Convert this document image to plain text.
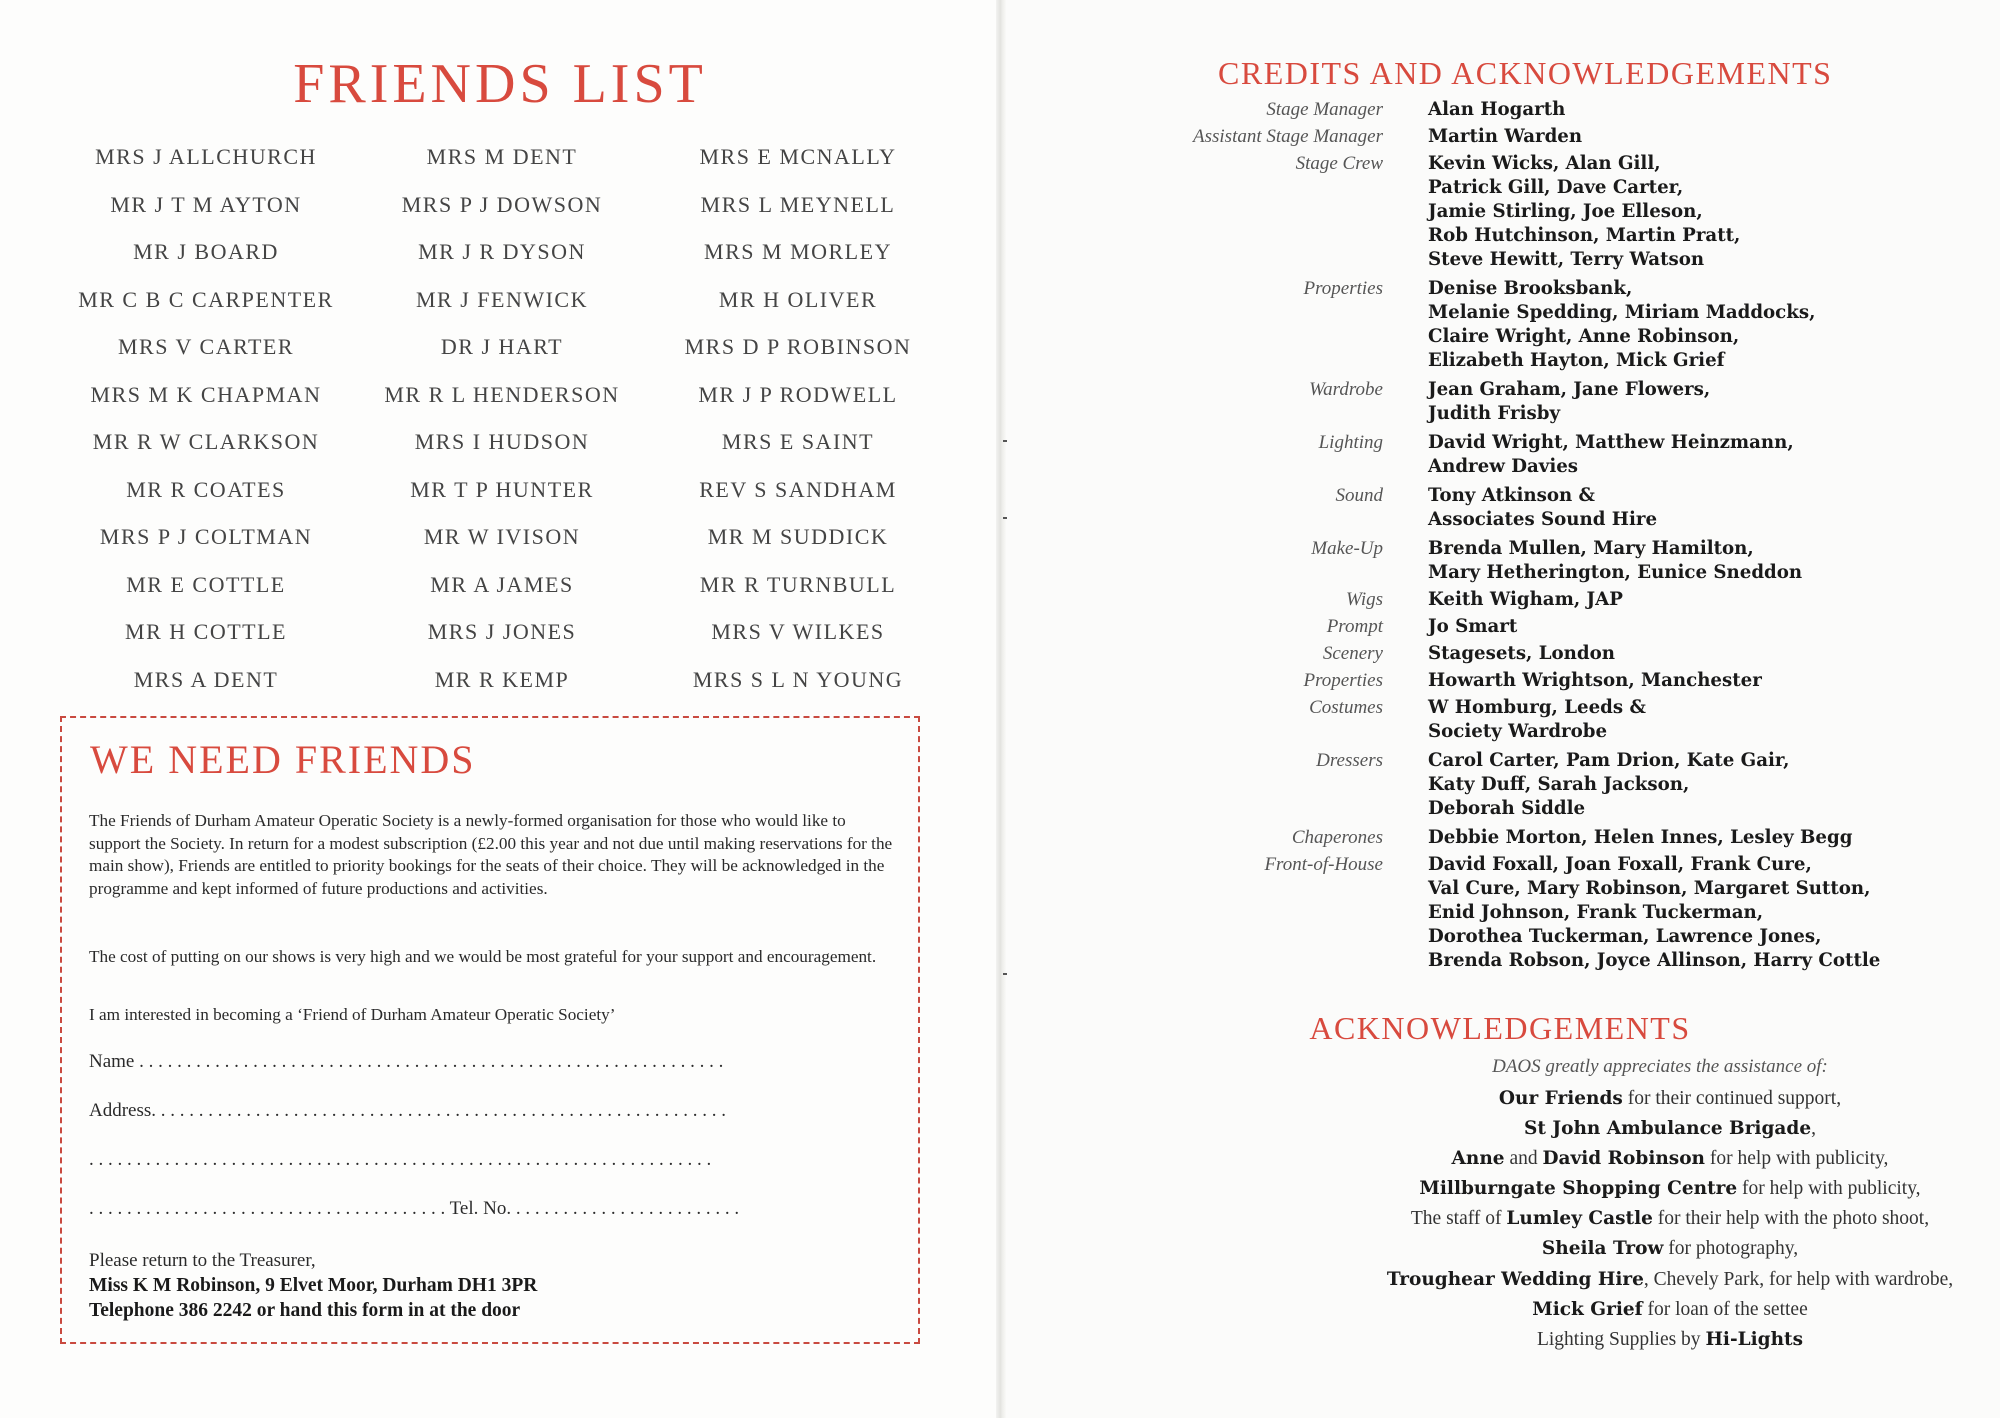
FRIENDS LIST
MRS J ALLCHURCH	MRS M DENT	MRS E MCNALLY
MR J T M AYTON	MRS P J DOWSON	MRS L MEYNELL
MR J BOARD	MR J R DYSON	MRS M MORLEY
MR C B C CARPENTER	MR J FENWICK	MR H OLIVER
MRS V CARTER	DR J HART	MRS D P ROBINSON
MRS M K CHAPMAN	MR R L HENDERSON	MR J P RODWELL
MR R W CLARKSON	MRS I HUDSON	MRS E SAINT
MR R COATES	MR T P HUNTER	REV S SANDHAM
MRS P J COLTMAN	MR W IVISON	MR M SUDDICK
MR E COTTLE	MR A JAMES	MR R TURNBULL
MR H COTTLE	MRS J JONES	MRS V WILKES
MRS A DENT	MR R KEMP	MRS S L N YOUNG
WE NEED FRIENDS

The Friends of Durham Amateur Operatic Society is a newly-formed organisation for those who would like to support the Society. In return for a modest subscription (£2.00 this year and not due until making reservations for the main show), Friends are entitled to priority bookings for the seats of their choice. They will be acknowledged in the programme and kept informed of future productions and activities.

The cost of putting on our shows is very high and we would be most grateful for your support and encouragement.

I am interested in becoming a ‘Friend of Durham Amateur Operatic Society’

Name . . . . . . . . . . . . . . . . . . . . . . . . . . . . . . . . . . . . . . . . . . . . . . . . . . . . . . . . . . . . . .
Address. . . . . . . . . . . . . . . . . . . . . . . . . . . . . . . . . . . . . . . . . . . . . . . . . . . . . . . . . . . . .
. . . . . . . . . . . . . . . . . . . . . . . . . . . . . . . . . . . . . . . . . . . . . . . . . . . . . . . . . . . . . . . . . .
. . . . . . . . . . . . . . . . . . . . . . . . . . . . . . . . . . . . . . Tel. No. . . . . . . . . . . . . . . . . . . . . . . . .
Please return to the Treasurer,
Miss K M Robinson, 9 Elvet Moor, Durham DH1 3PR
Telephone 386 2242 or hand this form in at the door
CREDITS AND ACKNOWLEDGEMENTS
Stage Manager	Alan Hogarth
Assistant Stage Manager	Martin Warden
Stage Crew	Kevin Wicks, Alan Gill,
Patrick Gill, Dave Carter,
Jamie Stirling, Joe Elleson,
Rob Hutchinson, Martin Pratt,
Steve Hewitt, Terry Watson
Properties	Denise Brooksbank,
Melanie Spedding, Miriam Maddocks,
Claire Wright, Anne Robinson,
Elizabeth Hayton, Mick Grief
Wardrobe	Jean Graham, Jane Flowers,
Judith Frisby
Lighting	David Wright, Matthew Heinzmann,
Andrew Davies
Sound	Tony Atkinson &
Associates Sound Hire
Make-Up	Brenda Mullen, Mary Hamilton,
Mary Hetherington, Eunice Sneddon
Wigs	Keith Wigham, JAP
Prompt	Jo Smart
Scenery	Stagesets, London
Properties	Howarth Wrightson, Manchester
Costumes	W Homburg, Leeds &
Society Wardrobe
Dressers	Carol Carter, Pam Drion, Kate Gair,
Katy Duff, Sarah Jackson,
Deborah Siddle
Chaperones	Debbie Morton, Helen Innes, Lesley Begg
Front-of-House	David Foxall, Joan Foxall, Frank Cure,
Val Cure, Mary Robinson, Margaret Sutton,
Enid Johnson, Frank Tuckerman,
Dorothea Tuckerman, Lawrence Jones,
Brenda Robson, Joyce Allinson, Harry Cottle
ACKNOWLEDGEMENTS
DAOS greatly appreciates the assistance of:
Our Friends for their continued support,
St John Ambulance Brigade,
Anne and David Robinson for help with publicity,
Millburngate Shopping Centre for help with publicity,
The staff of Lumley Castle for their help with the photo shoot,
Sheila Trow for photography,
Troughear Wedding Hire, Chevely Park, for help with wardrobe,
Mick Grief for loan of the settee
Lighting Supplies by Hi-Lights
